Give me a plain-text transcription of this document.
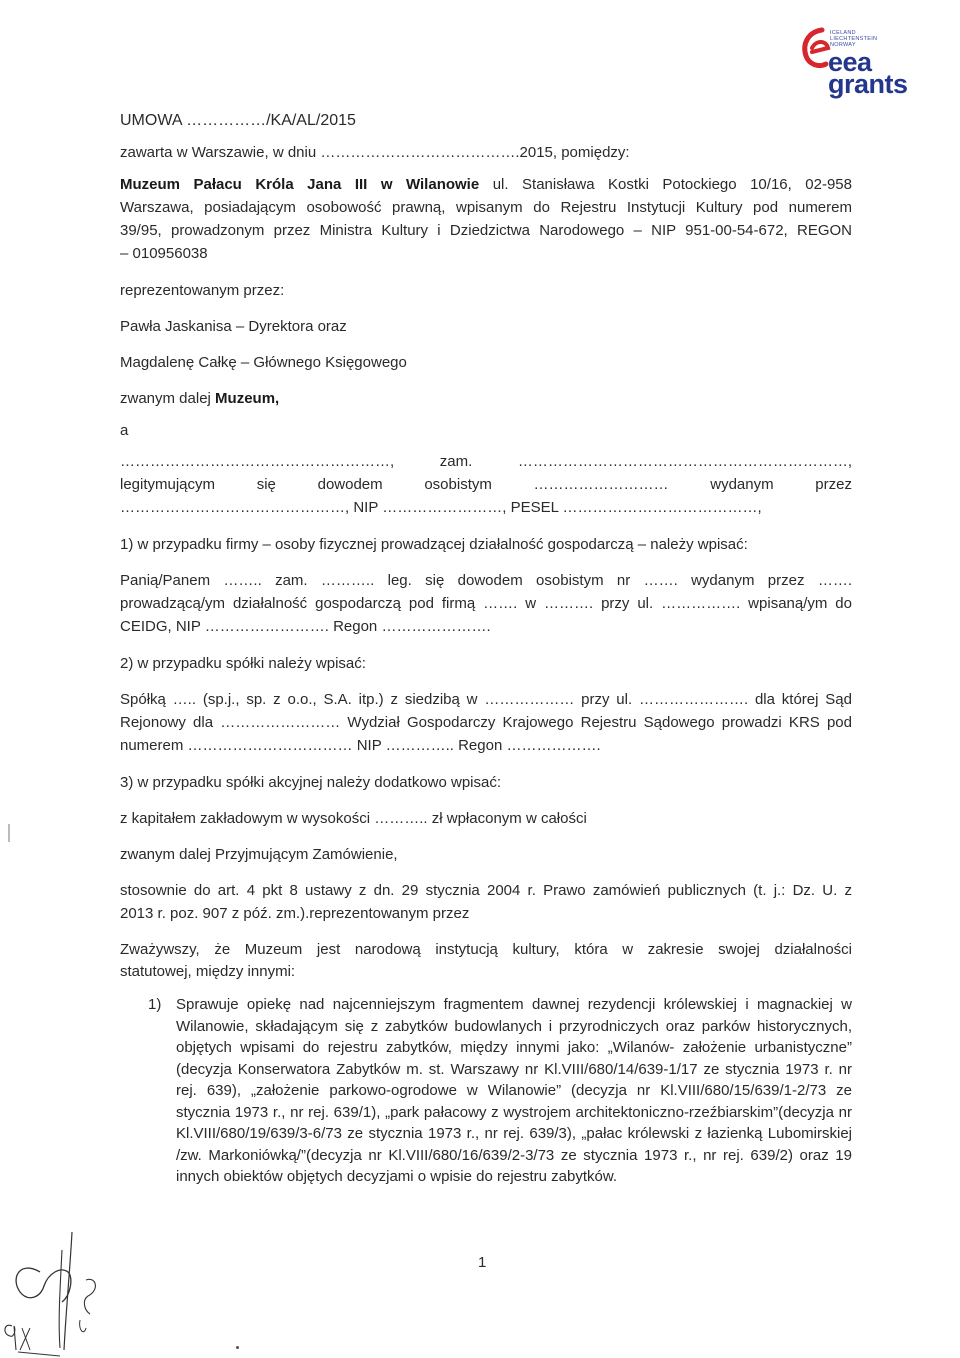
ICELAND
LIECHTENSTEIN
NORWAY
eea
grants
UMOWA ……………/KA/AL/2015
zawarta w Warszawie, w dniu ………………………………….2015, pomiędzy:
Muzeum Pałacu Króla Jana III w Wilanowie ul. Stanisława Kostki Potockiego 10/16, 02-958
Warszawa, posiadającym osobowość prawną, wpisanym do Rejestru Instytucji Kultury pod numerem
39/95, prowadzonym przez Ministra Kultury i Dziedzictwa Narodowego – NIP 951-00-54-672, REGON
– 010956038
reprezentowanym przez:
Pawła Jaskanisa – Dyrektora oraz
Magdalenę Całkę – Głównego Księgowego
zwanym dalej Muzeum,
a
………………………………………………, zam. …………………………………………………………,
legitymującym się dowodem osobistym ……………………… wydanym przez
………………………………………, NIP ……………………, PESEL …………………………………,
1) w przypadku firmy – osoby fizycznej prowadzącej działalność gospodarczą – należy wpisać:
Panią/Panem …….. zam. ……….. leg. się dowodem osobistym nr ……. wydanym przez …….
prowadzącą/ym działalność gospodarczą pod firmą ……. w ………. przy ul. ……………. wpisaną/ym do
CEIDG, NIP ……………………. Regon ………………….
2) w przypadku spółki należy wpisać:
Spółką ….. (sp.j., sp. z o.o., S.A. itp.) z siedzibą w ……………… przy ul. …………………. dla której Sąd
Rejonowy dla …………………… Wydział Gospodarczy Krajowego Rejestru Sądowego prowadzi KRS pod
numerem …………………………… NIP ………….. Regon ……………….
3) w przypadku spółki akcyjnej należy dodatkowo wpisać:
z kapitałem zakładowym w wysokości ……….. zł wpłaconym w całości
zwanym dalej Przyjmującym Zamówienie,
stosownie do art. 4 pkt 8 ustawy z dn. 29 stycznia 2004 r. Prawo zamówień publicznych (t. j.: Dz. U. z
2013 r. poz. 907 z póź. zm.).reprezentowanym przez
Zważywszy, że Muzeum jest narodową instytucją kultury, która w zakresie swojej działalności
statutowej, między innymi:
1) Sprawuje opiekę nad najcenniejszym fragmentem dawnej rezydencji królewskiej i magnackiej w Wilanowie, składającym się z zabytków budowlanych i przyrodniczych oraz parków historycznych, objętych wpisami do rejestru zabytków, między innymi jako: „Wilanów- założenie urbanistyczne” (decyzja Konserwatora Zabytków m. st. Warszawy nr Kl.VIII/680/14/639-1/17 ze stycznia 1973 r. nr rej. 639), „założenie parkowo-ogrodowe w Wilanowie” (decyzja nr Kl.VIII/680/15/639/1-2/73 ze stycznia 1973 r., nr rej. 639/1), „park pałacowy z wystrojem architektoniczno-rzeźbiarskim”(decyzja nr Kl.VIII/680/19/639/3-6/73 ze stycznia 1973 r., nr rej. 639/3), „pałac królewski z łazienką Lubomirskiej /zw. Markoniówką/”(decyzja nr Kl.VIII/680/16/639/2-3/73 ze stycznia 1973 r., nr rej. 639/2) oraz 19 innych obiektów objętych decyzjami o wpisie do rejestru zabytków.
1
